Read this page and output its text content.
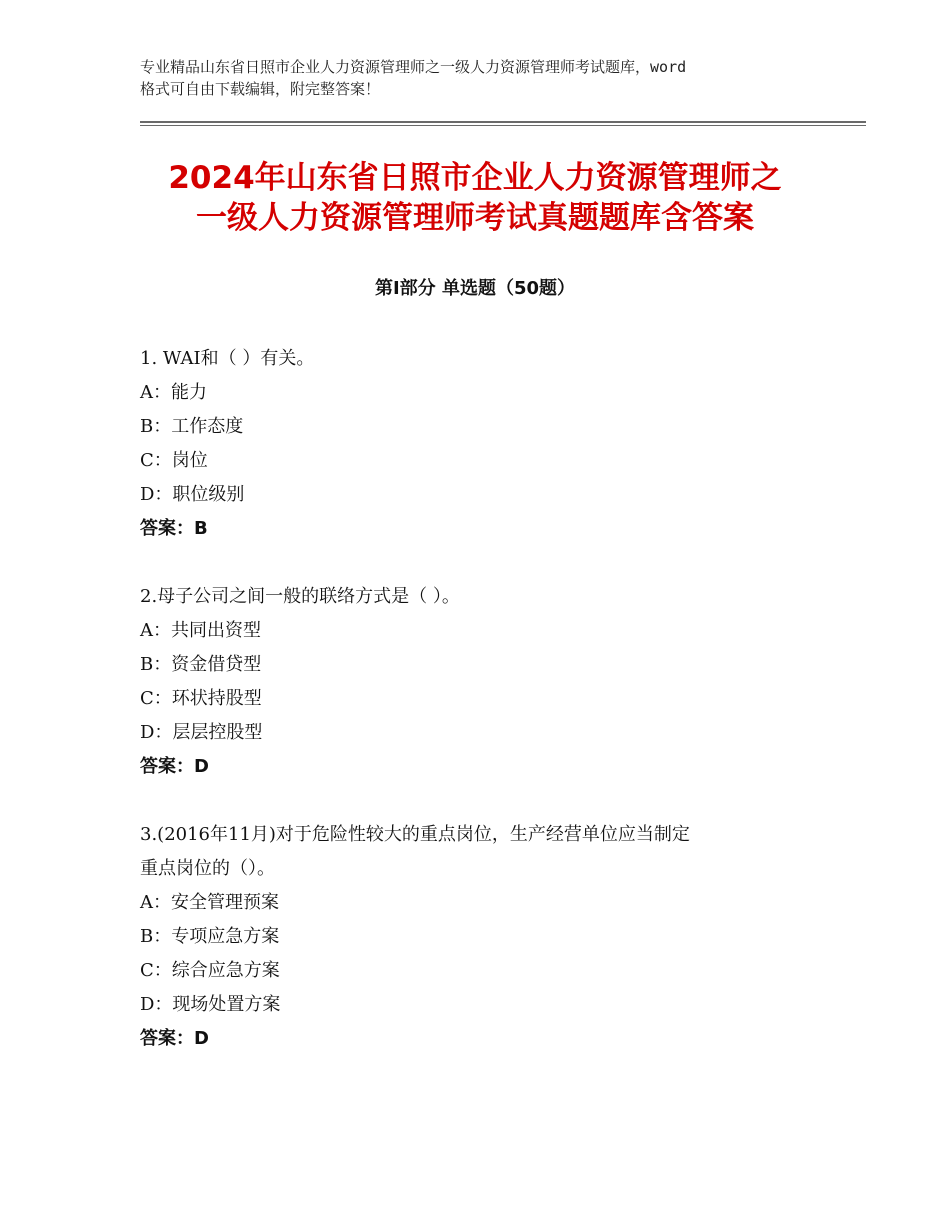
专业精品山东省日照市企业人力资源管理师之一级人力资源管理师考试题库，word
格式可自由下载编辑，附完整答案！
2024年山东省日照市企业人力资源管理师之
一级人力资源管理师考试真题题库含答案
第Ⅰ部分 单选题（50题）
1. WAI和（ ）有关。
A：能力
B：工作态度
C：岗位
D：职位级别
答案：B
2.母子公司之间一般的联络方式是（ ）。
A：共同出资型
B：资金借贷型
C：环状持股型
D：层层控股型
答案：D
3.(2016年11月)对于危险性较大的重点岗位，生产经营单位应当制定
重点岗位的（）。
A：安全管理预案
B：专项应急方案
C：综合应急方案
D：现场处置方案
答案：D
